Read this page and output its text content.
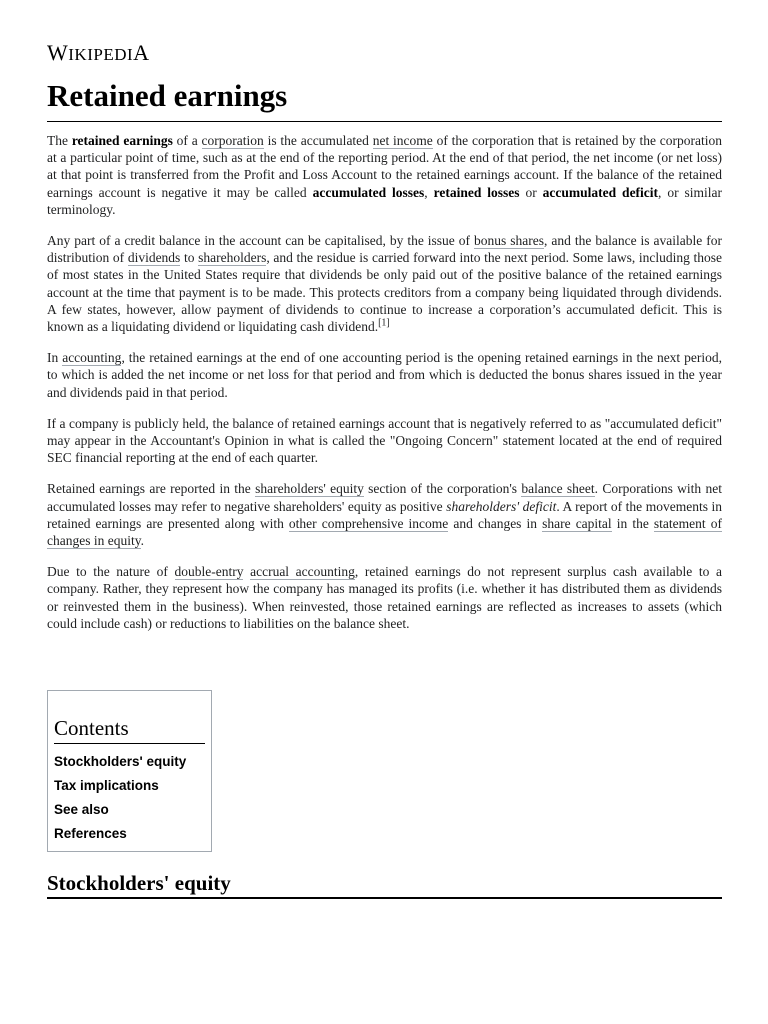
WIKIPEDIA
Retained earnings

The retained earnings of a corporation is the accumulated net income of the corporation that is retained by the corporation at a particular point of time, such as at the end of the reporting period. At the end of that period, the net income (or net loss) at that point is transferred from the Profit and Loss Account to the retained earnings account. If the balance of the retained earnings account is negative it may be called accumulated losses, retained losses or accumulated deficit, or similar terminology.

Any part of a credit balance in the account can be capitalised, by the issue of bonus shares, and the balance is available for distribution of dividends to shareholders, and the residue is carried forward into the next period. Some laws, including those of most states in the United States require that dividends be only paid out of the positive balance of the retained earnings account at the time that payment is to be made. This protects creditors from a company being liquidated through dividends. A few states, however, allow payment of dividends to continue to increase a corporation’s accumulated deficit. This is known as a liquidating dividend or liquidating cash dividend.[1]

In accounting, the retained earnings at the end of one accounting period is the opening retained earnings in the next period, to which is added the net income or net loss for that period and from which is deducted the bonus shares issued in the year and dividends paid in that period.

If a company is publicly held, the balance of retained earnings account that is negatively referred to as "accumulated deficit" may appear in the Accountant's Opinion in what is called the "Ongoing Concern" statement located at the end of required SEC financial reporting at the end of each quarter.

Retained earnings are reported in the shareholders' equity section of the corporation's balance sheet. Corporations with net accumulated losses may refer to negative shareholders' equity as positive shareholders' deficit. A report of the movements in retained earnings are presented along with other comprehensive income and changes in share capital in the statement of changes in equity.

Due to the nature of double-entry accrual accounting, retained earnings do not represent surplus cash available to a company. Rather, they represent how the company has managed its profits (i.e. whether it has distributed them as dividends or reinvested them in the business). When reinvested, those retained earnings are reflected as increases to assets (which could include cash) or reductions to liabilities on the balance sheet.

Contents
Stockholders' equity
Tax implications
See also
References
Stockholders' equity
